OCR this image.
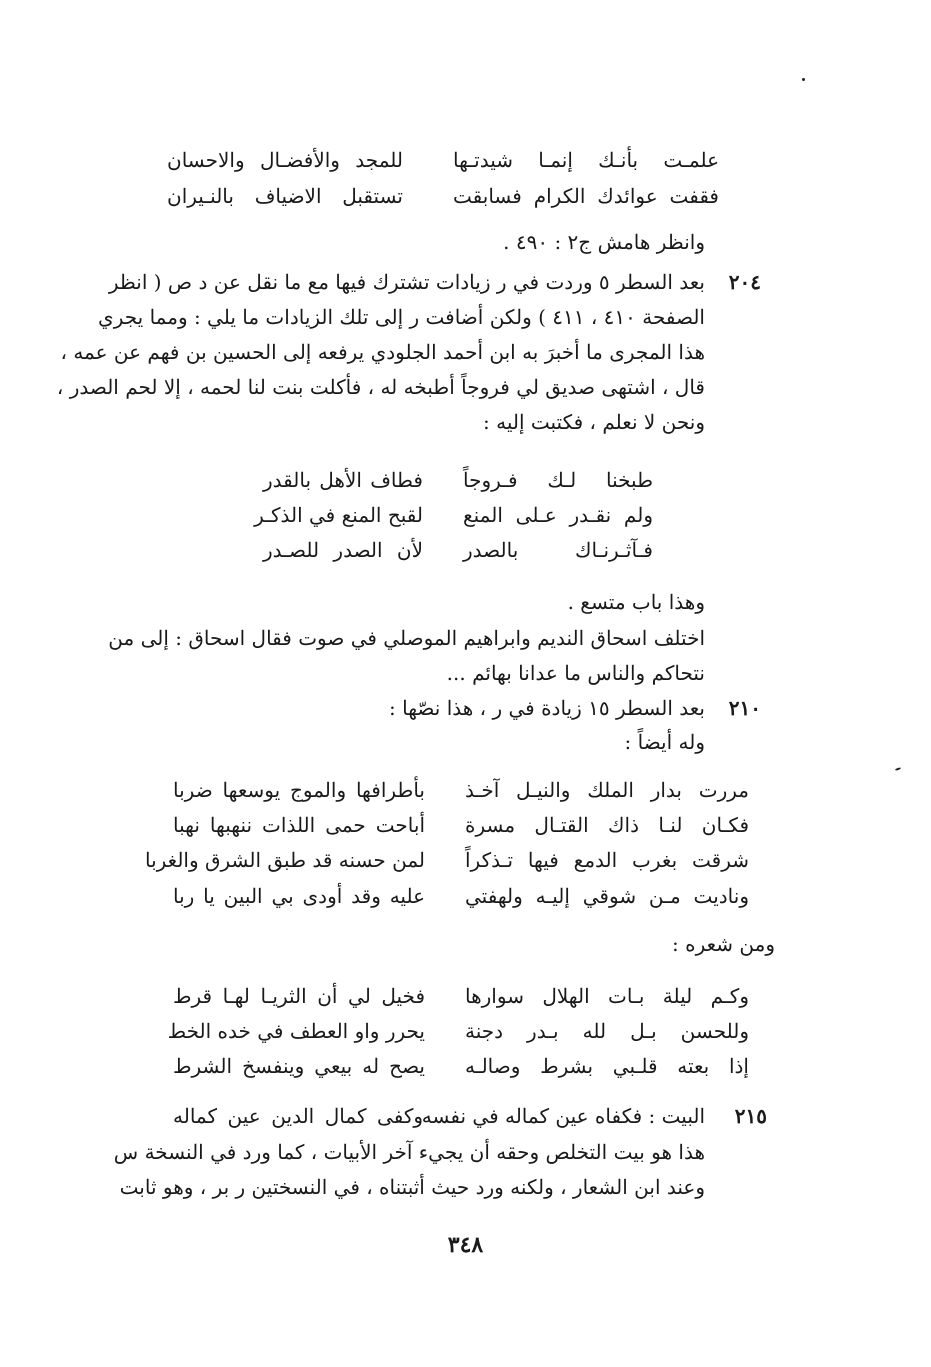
علمـت بأنـك إنمـا شيدتـها
للمجد والأفضـال والاحسان
فقفت عوائدك الكرام فسابقت
تستقبل الاضياف بالنـيران
وانظر هامش ج٢ : ٤٩٠ .
٢٠٤
بعد السطر ٥ وردت في ر زيادات تشترك فيها مع ما نقل عن د ص ( انظر
الصفحة ٤١٠ ، ٤١١ ) ولكن أضافت ر إلى تلك الزيادات ما يلي : ومما يجري
هذا المجرى ما أخبرَ به ابن أحمد الجلودي يرفعه إلى الحسين بن فهم عن عمه ،
قال ، اشتهى صديق لي فروجاً أطبخه له ، فأكلت بنت لنا لحمه ، إلا لحم الصدر ،
ونحن لا نعلم ، فكتبت إليه :
طبخنا لـك فـروجاً
فطاف الأهل بالقدر
ولم نقـدر عـلى المنع
لقبح المنع في الذكـر
فـآثـرنـاك بالصدر
لأن الصدر للصـدر
وهذا باب متسع .
اختلف اسحاق النديم وابراهيم الموصلي في صوت فقال اسحاق : إلى من
نتحاكم والناس ما عدانا بهائم ...
٢١٠
بعد السطر ١٥ زيادة في ر ، هذا نصّها :
وله أيضاً :
مررت بدار الملك والنيـل آخـذ
بأطرافها والموج يوسعها ضربا
فكـان لنـا ذاك القتـال مسرة
أباحت حمى اللذات ننهبها نهبا
شرقت بغرب الدمع فيها تـذكراً
لمن حسنه قد طبق الشرق والغربا
وناديت مـن شوقي إليـه ولهفتي
عليه وقد أودى بي البين يا ربا
ومن شعره :
وكـم ليلة بـات الهلال سوارها
فخيل لي أن الثريـا لهـا قرط
وللحسن بـل لله بـدر دجنة
يحرر واو العطف في خده الخط
إذا بعته قلـبي بشرط وصالـه
يصح له بيعي وينفسخ الشرط
٢١٥
البيت : فكفاه عين كماله في نفسه
وكفى كمال الدين عين كماله
هذا هو بيت التخلص وحقه أن يجيء آخر الأبيات ، كما ورد في النسخة س
وعند ابن الشعار ، ولكنه ورد حيث أثبتناه ، في النسختين ر بر ، وهو ثابت
٣٤٨
